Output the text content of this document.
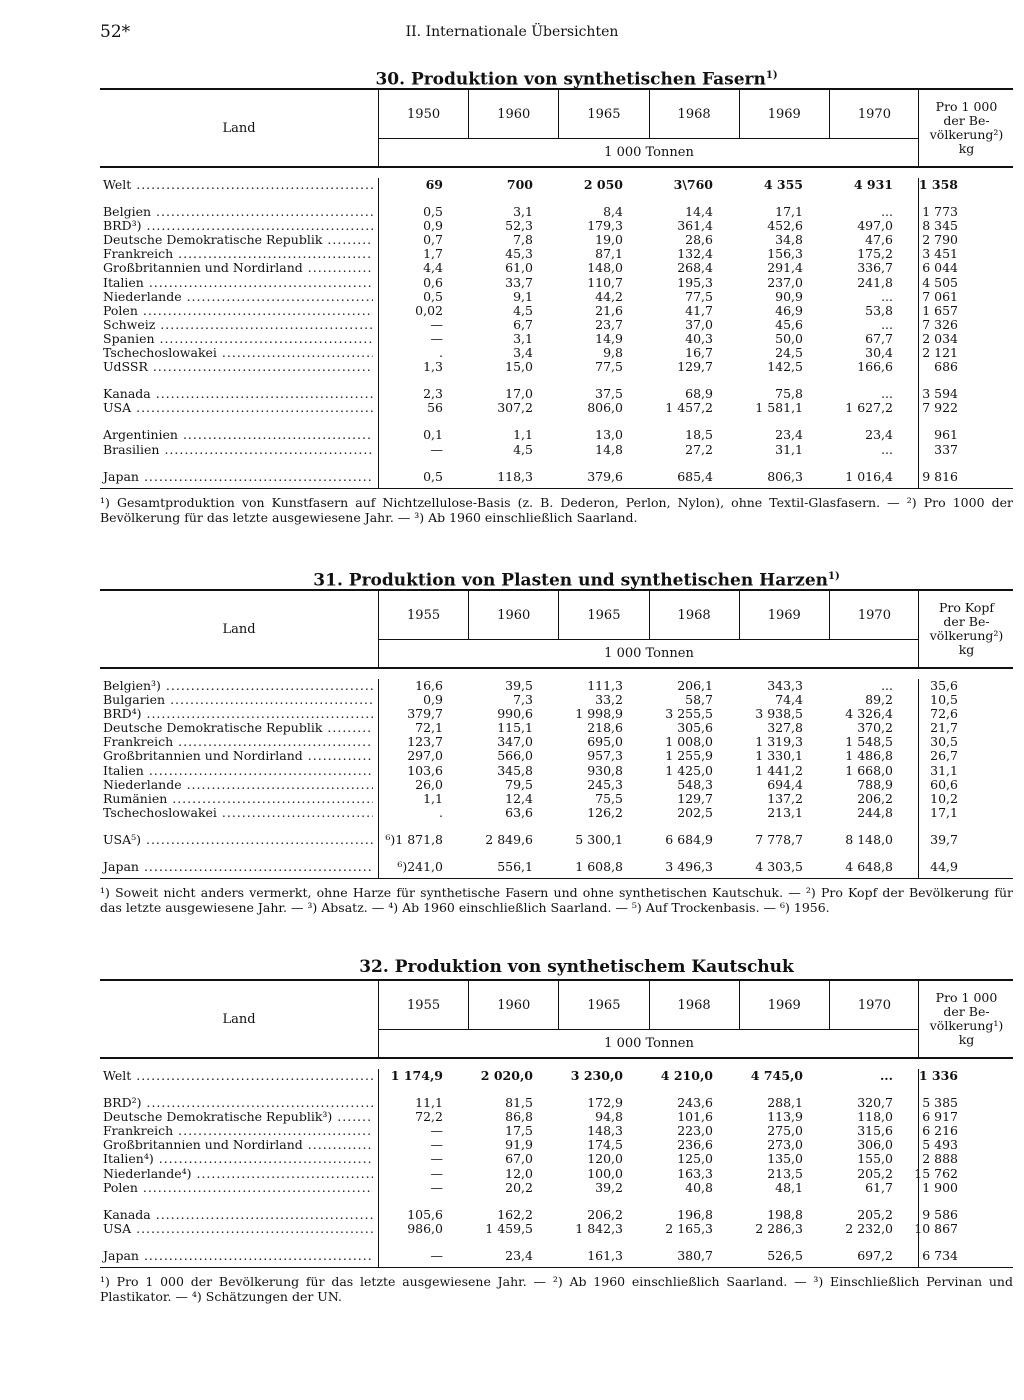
52*	II. Internationale Übersichten
30. Produktion von synthetischen Fasern$^{1)}$
Land
1950	1960	1965	1968	1969	1970
1 000 Tonnen
Pro 1 000
der Be-
völkerung²)
kg
Welt .....	69	700	2 050	3\760	4 355	4 931	1 358
Belgien .....	0,5	3,1	8,4	14,4	17,1	...	1 773
BRD³) .....	0,9	52,3	179,3	361,4	452,6	497,0	8 345
Deutsche Demokratische Republik .....	0,7	7,8	19,0	28,6	34,8	47,6	2 790
Frankreich .....	1,7	45,3	87,1	132,4	156,3	175,2	3 451
Großbritannien und Nordirland .....	4,4	61,0	148,0	268,4	291,4	336,7	6 044
Italien .....	0,6	33,7	110,7	195,3	237,0	241,8	4 505
Niederlande .....	0,5	9,1	44,2	77,5	90,9	...	7 061
Polen .....	0,02	4,5	21,6	41,7	46,9	53,8	1 657
Schweiz .....	—	6,7	23,7	37,0	45,6	...	7 326
Spanien .....	—	3,1	14,9	40,3	50,0	67,7	2 034
Tschechoslowakei .....	.	3,4	9,8	16,7	24,5	30,4	2 121
UdSSR .....	1,3	15,0	77,5	129,7	142,5	166,6	686
Kanada .....	2,3	17,0	37,5	68,9	75,8	...	3 594
USA .....	56	307,2	806,0	1 457,2	1 581,1	1 627,2	7 922
Argentinien .....	0,1	1,1	13,0	18,5	23,4	23,4	961
Brasilien .....	—	4,5	14,8	27,2	31,1	...	337
Japan .....	0,5	118,3	379,6	685,4	806,3	1 016,4	9 816
¹) Gesamtproduktion von Kunstfasern auf Nichtzellulose-Basis (z. B. Dederon, Perlon, Nylon), ohne Textil-Glasfasern. — ²) Pro 1000 der Bevölkerung für das letzte ausgewiesene Jahr. — ³) Ab 1960 einschließlich Saarland.
31. Produktion von Plasten und synthetischen Harzen$^{1)}$
Land
1955	1960	1965	1968	1969	1970
1 000 Tonnen
Pro Kopf
der Be-
völkerung²)
kg
Belgien³) .....	16,6	39,5	111,3	206,1	343,3	...	35,6
Bulgarien .....	0,9	7,3	33,2	58,7	74,4	89,2	10,5
BRD⁴) .....	379,7	990,6	1 998,9	3 255,5	3 938,5	4 326,4	72,6
Deutsche Demokratische Republik .....	72,1	115,1	218,6	305,6	327,8	370,2	21,7
Frankreich .....	123,7	347,0	695,0	1 008,0	1 319,3	1 548,5	30,5
Großbritannien und Nordirland .....	297,0	566,0	957,3	1 255,9	1 330,1	1 486,8	26,7
Italien .....	103,6	345,8	930,8	1 425,0	1 441,2	1 668,0	31,1
Niederlande .....	26,0	79,5	245,3	548,3	694,4	788,9	60,6
Rumänien .....	1,1	12,4	75,5	129,7	137,2	206,2	10,2
Tschechoslowakei .....	.	63,6	126,2	202,5	213,1	244,8	17,1
USA⁵) .....	⁶)1 871,8	2 849,6	5 300,1	6 684,9	7 778,7	8 148,0	39,7
Japan .....	⁶)241,0	556,1	1 608,8	3 496,3	4 303,5	4 648,8	44,9
¹) Soweit nicht anders vermerkt, ohne Harze für synthetische Fasern und ohne synthetischen Kautschuk. — ²) Pro Kopf der Bevölkerung für das letzte ausgewiesene Jahr. — ³) Absatz. — ⁴) Ab 1960 einschließlich Saarland. — ⁵) Auf Trockenbasis. — ⁶) 1956.
32. Produktion von synthetischem Kautschuk
Land
1955	1960	1965	1968	1969	1970
1 000 Tonnen
Pro 1 000
der Be-
völkerung¹)
kg
Welt .....	1 174,9	2 020,0	3 230,0	4 210,0	4 745,0	...	1 336
BRD²) .....	11,1	81,5	172,9	243,6	288,1	320,7	5 385
Deutsche Demokratische Republik³) .....	72,2	86,8	94,8	101,6	113,9	118,0	6 917
Frankreich .....	—	17,5	148,3	223,0	275,0	315,6	6 216
Großbritannien und Nordirland .....	—	91,9	174,5	236,6	273,0	306,0	5 493
Italien⁴) .....	—	67,0	120,0	125,0	135,0	155,0	2 888
Niederlande⁴) .....	—	12,0	100,0	163,3	213,5	205,2	15 762
Polen .....	—	20,2	39,2	40,8	48,1	61,7	1 900
Kanada .....	105,6	162,2	206,2	196,8	198,8	205,2	9 586
USA .....	986,0	1 459,5	1 842,3	2 165,3	2 286,3	2 232,0	10 867
Japan .....	—	23,4	161,3	380,7	526,5	697,2	6 734
¹) Pro 1 000 der Bevölkerung für das letzte ausgewiesene Jahr. — ²) Ab 1960 einschließlich Saarland. — ³) Einschließlich Pervinan und Plastikator. — ⁴) Schätzungen der UN.
